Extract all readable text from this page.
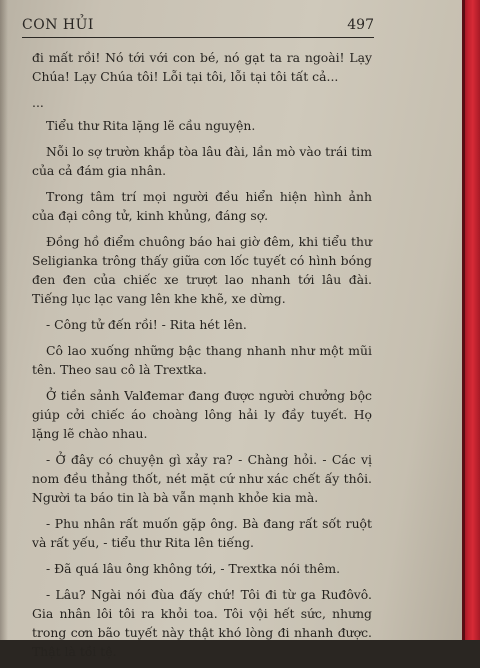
CON HỦI	497

đi mất rồi! Nó tới với con bé, nó gạt ta ra ngoài! Lạy Chúa! Lạy Chúa tôi! Lỗi tại tôi, lỗi tại tôi tất cả...

...

Tiểu thư Rita lặng lẽ cầu nguyện.

Nỗi lo sợ trườn khắp tòa lâu đài, lần mò vào trái tim của cả đám gia nhân.

Trong tâm trí mọi người đều hiển hiện hình ảnh của đại công tử, kinh khủng, đáng sợ.

Đồng hồ điểm chuông báo hai giờ đêm, khi tiểu thư Seligianka trông thấy giữa cơn lốc tuyết có hình bóng đen đen của chiếc xe trượt lao nhanh tới lâu đài. Tiếng lục lạc vang lên khe khẽ, xe dừng.

- Công tử đến rồi! - Rita hét lên.

Cô lao xuống những bậc thang nhanh như một mũi tên. Theo sau cô là Trextka.

Ở tiền sảnh Valđemar đang được người chưởng bộc giúp cởi chiếc áo choàng lông hải ly đầy tuyết. Họ lặng lẽ chào nhau.

- Ở đây có chuyện gì xảy ra? - Chàng hỏi. - Các vị nom đều thảng thốt, nét mặt cứ như xác chết ấy thôi. Người ta báo tin là bà vẫn mạnh khỏe kia mà.

- Phu nhân rất muốn gặp ông. Bà đang rất sốt ruột và rất yếu, - tiểu thư Rita lên tiếng.

- Đã quá lâu ông không tới, - Trextka nói thêm.

- Lâu? Ngài nói đùa đấy chứ! Tôi đi từ ga Ruđôvô. Gia nhân lôi tôi ra khỏi toa. Tôi vội hết sức, nhưng trong cơn bão tuyết này thật khó lòng đi nhanh được. Thật là tồi tệ.
